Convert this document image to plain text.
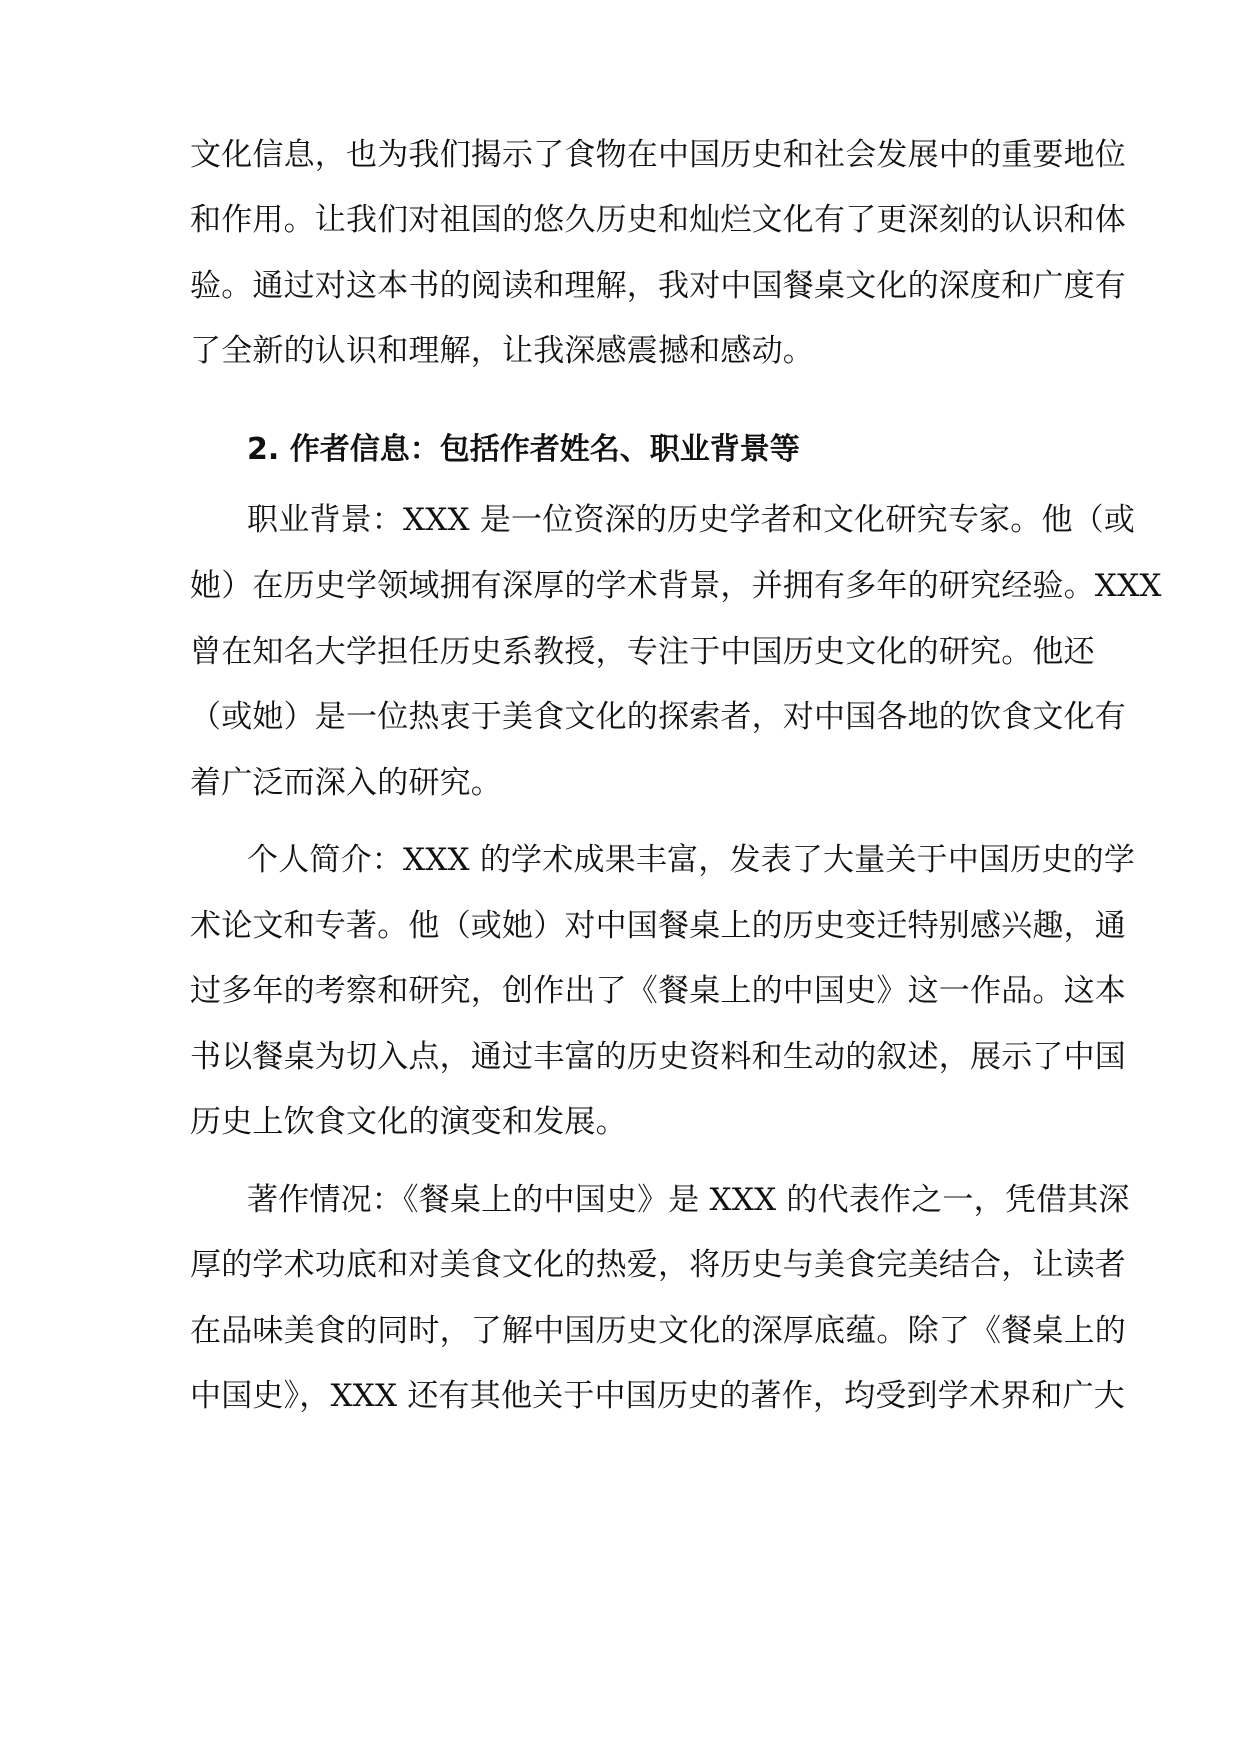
文化信息，也为我们揭示了食物在中国历史和社会发展中的重要地位
和作用。让我们对祖国的悠久历史和灿烂文化有了更深刻的认识和体
验。通过对这本书的阅读和理解，我对中国餐桌文化的深度和广度有
了全新的认识和理解，让我深感震撼和感动。
2. 作者信息：包括作者姓名、职业背景等
职业背景：XXX 是一位资深的历史学者和文化研究专家。他（或
她）在历史学领域拥有深厚的学术背景，并拥有多年的研究经验。XXX
曾在知名大学担任历史系教授，专注于中国历史文化的研究。他还
（或她）是一位热衷于美食文化的探索者，对中国各地的饮食文化有
着广泛而深入的研究。
个人简介：XXX 的学术成果丰富，发表了大量关于中国历史的学
术论文和专著。他（或她）对中国餐桌上的历史变迁特别感兴趣，通
过多年的考察和研究，创作出了《餐桌上的中国史》这一作品。这本
书以餐桌为切入点，通过丰富的历史资料和生动的叙述，展示了中国
历史上饮食文化的演变和发展。
著作情况：《餐桌上的中国史》是 XXX 的代表作之一，凭借其深
厚的学术功底和对美食文化的热爱，将历史与美食完美结合，让读者
在品味美食的同时，了解中国历史文化的深厚底蕴。除了《餐桌上的
中国史》，XXX 还有其他关于中国历史的著作，均受到学术界和广大
